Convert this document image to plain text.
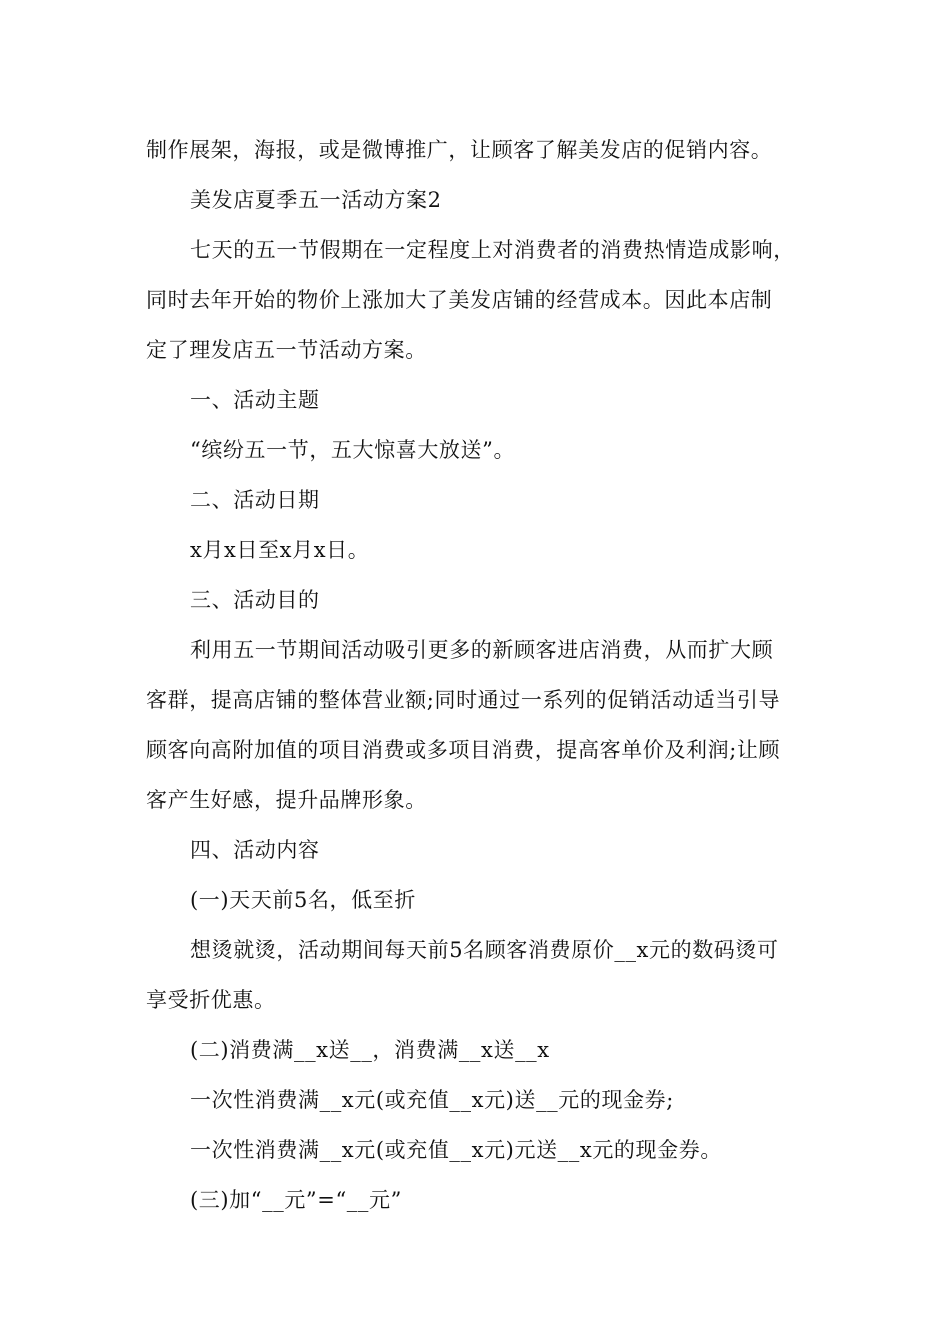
制作展架，海报，或是微博推广，让顾客了解美发店的促销内容。
美发店夏季五一活动方案2
七天的五一节假期在一定程度上对消费者的消费热情造成影响，
同时去年开始的物价上涨加大了美发店铺的经营成本。因此本店制
定了理发店五一节活动方案。
一、活动主题
“缤纷五一节，五大惊喜大放送”。
二、活动日期
x月x日至x月x日。
三、活动目的
利用五一节期间活动吸引更多的新顾客进店消费，从而扩大顾
客群，提高店铺的整体营业额;同时通过一系列的促销活动适当引导
顾客向高附加值的项目消费或多项目消费，提高客单价及利润;让顾
客产生好感，提升品牌形象。
四、活动内容
(一)天天前5名，低至折
想烫就烫，活动期间每天前5名顾客消费原价__x元的数码烫可
享受折优惠。
(二)消费满__x送__，消费满__x送__x
一次性消费满__x元(或充值__x元)送__元的现金券;
一次性消费满__x元(或充值__x元)元送__x元的现金券。
(三)加“__元”=“__元”
